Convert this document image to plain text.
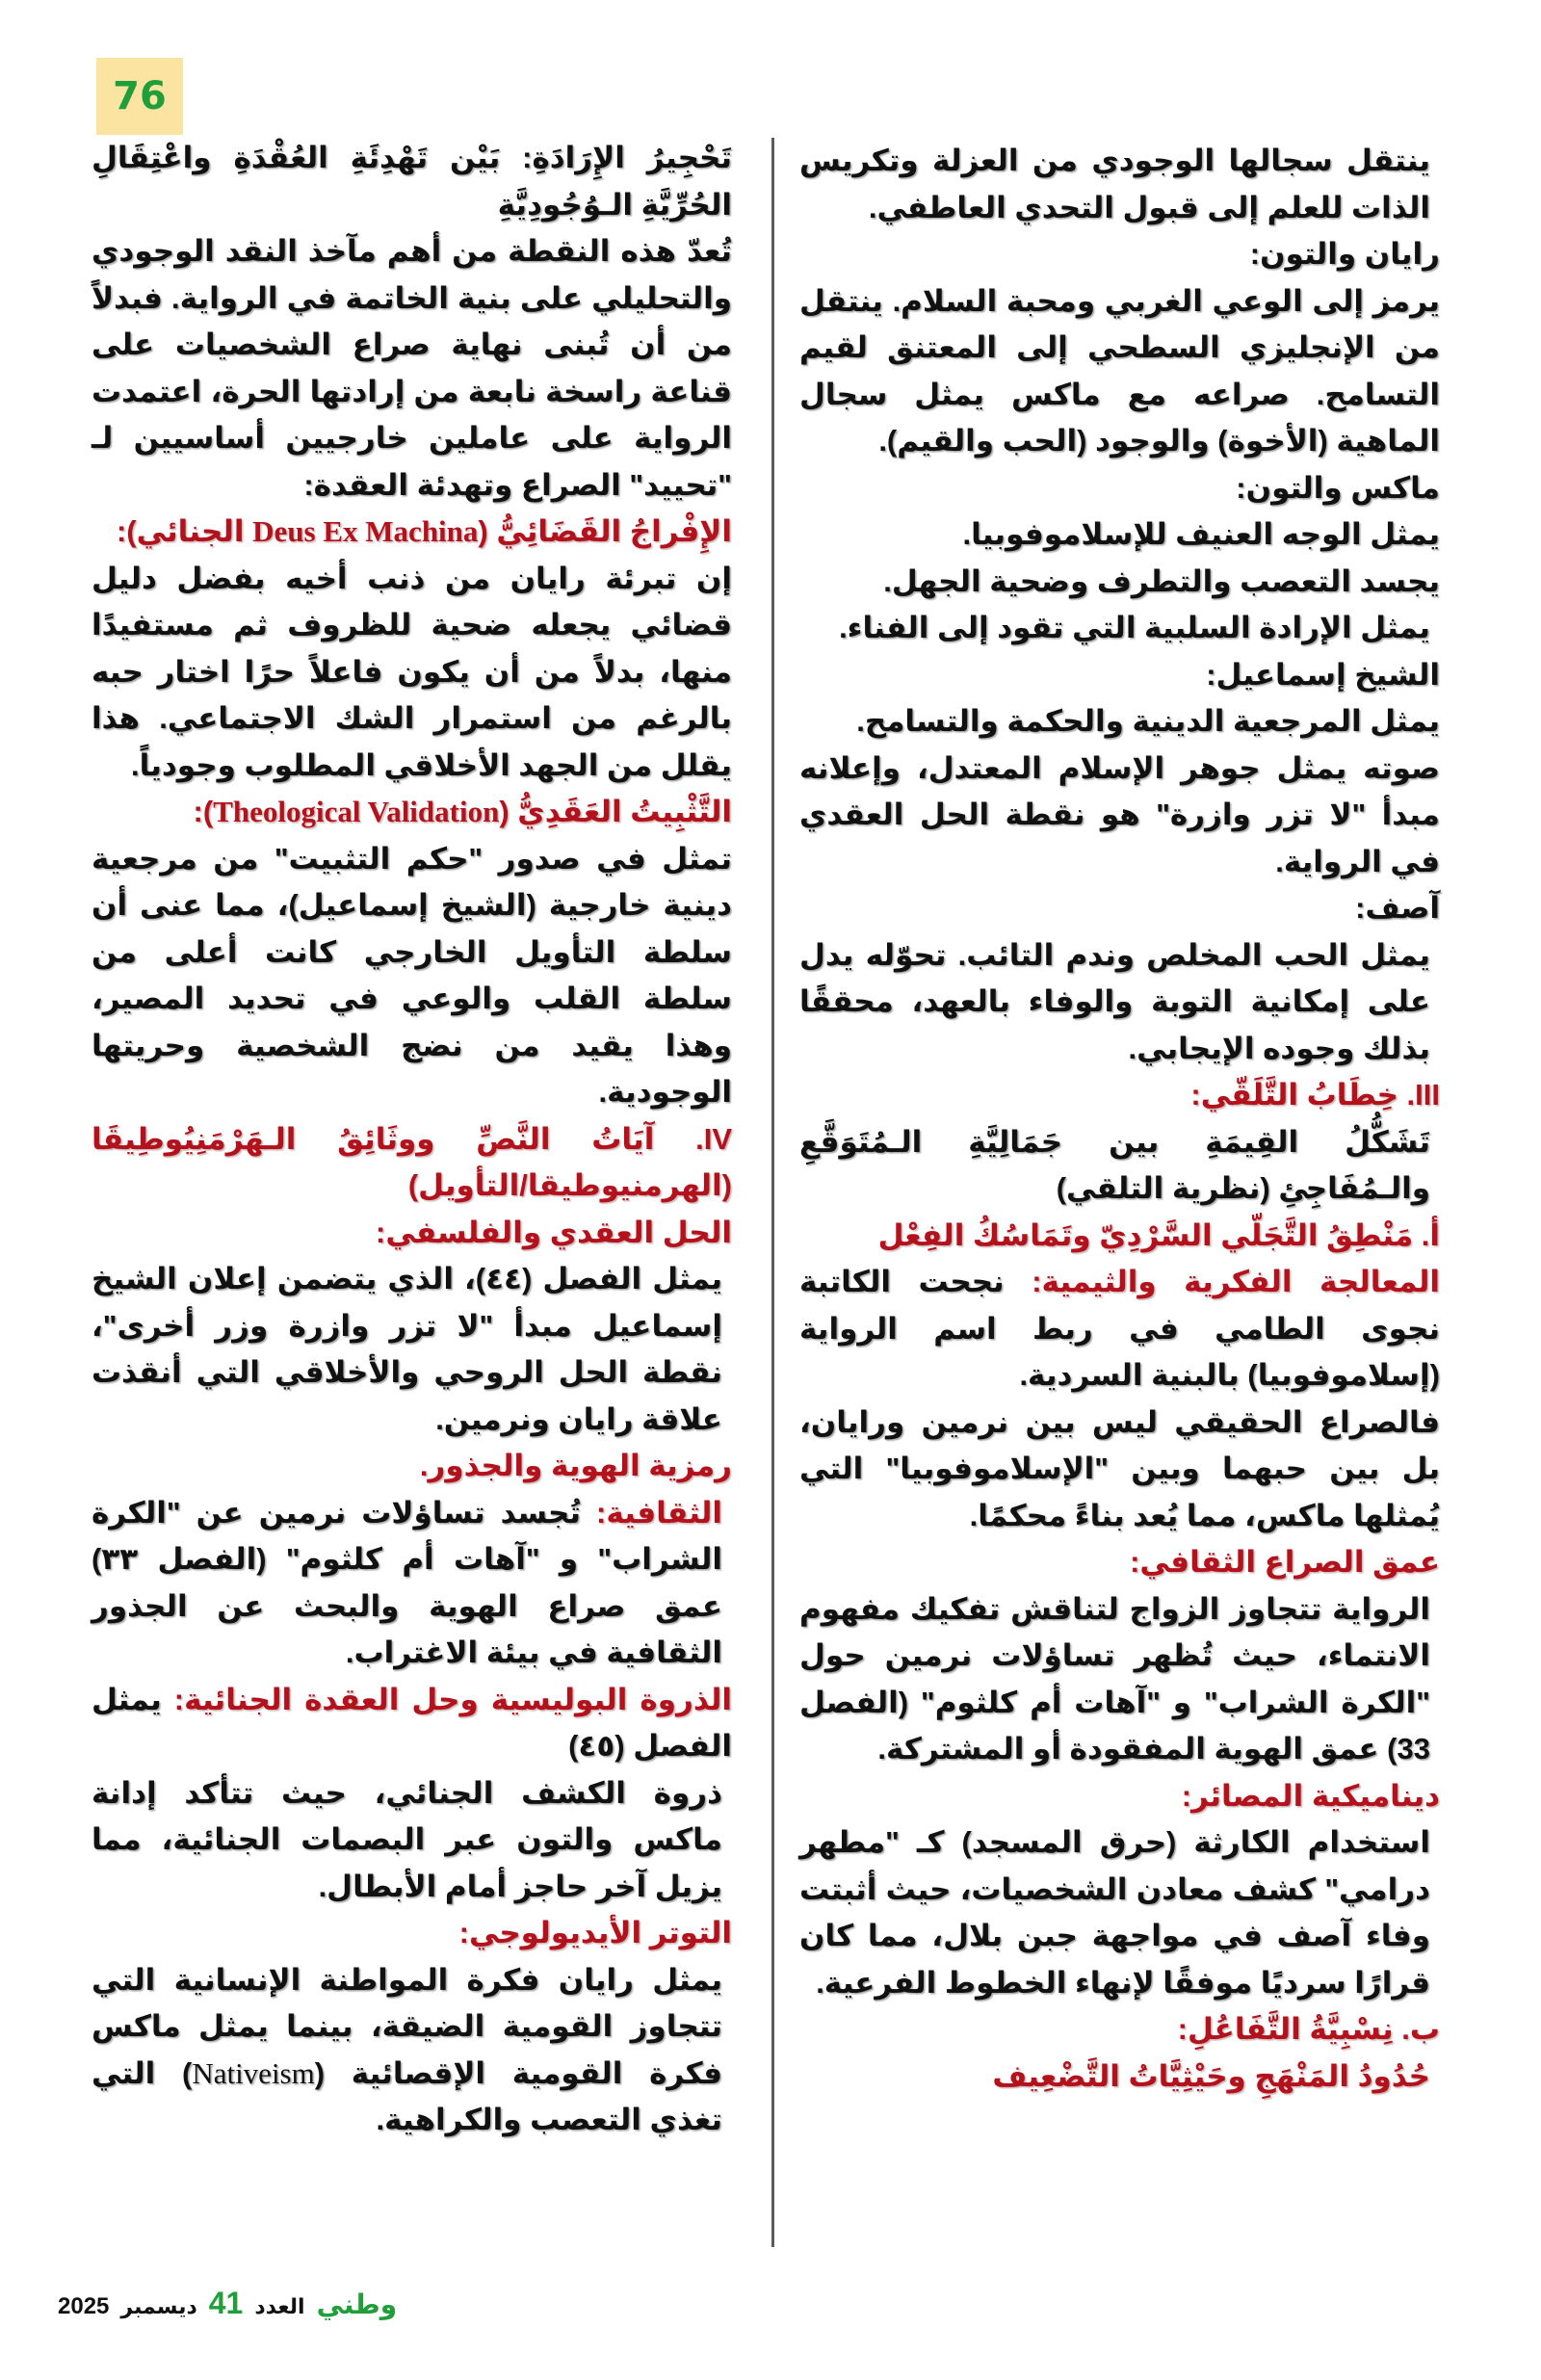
76

ينتقل سجالها الوجودي من العزلة وتكريس الذات للعلم إلى قبول التحدي العاطفي.

رايان والتون:

يرمز إلى الوعي الغربي ومحبة السلام. ينتقل من الإنجليزي السطحي إلى المعتنق لقيم التسامح. صراعه مع ماكس يمثل سجال الماهية (الأخوة) والوجود (الحب والقيم).

ماكس والتون:

يمثل الوجه العنيف للإسلاموفوبيا.

يجسد التعصب والتطرف وضحية الجهل.

يمثل الإرادة السلبية التي تقود إلى الفناء.

الشيخ إسماعيل:

يمثل المرجعية الدينية والحكمة والتسامح.

صوته يمثل جوهر الإسلام المعتدل، وإعلانه مبدأ "لا تزر وازرة" هو نقطة الحل العقدي في الرواية.

آصف:

يمثل الحب المخلص وندم التائب. تحوّله يدل على إمكانية التوبة والوفاء بالعهد، محققًا بذلك وجوده الإيجابي.

III. خِطَابُ التَّلَقّي:

تَشَكُّلُ القِيمَةِ بين جَمَالِيَّةِ الـمُتَوَقَّعِ والـمُفَاجِئِ (نظرية التلقي)

أ. مَنْطِقُ التَّجَلّي السَّرْدِيّ وتَمَاسُكُ الفِعْل

المعالجة الفكرية والثيمية: نجحت الكاتبة نجوى الطامي في ربط اسم الرواية (إسلاموفوبيا) بالبنية السردية.

فالصراع الحقيقي ليس بين نرمين ورايان، بل بين حبهما وبين "الإسلاموفوبيا" التي يُمثلها ماكس، مما يُعد بناءً محكمًا.

عمق الصراع الثقافي:

الرواية تتجاوز الزواج لتناقش تفكيك مفهوم الانتماء، حيث تُظهر تساؤلات نرمين حول "الكرة الشراب" و "آهات أم كلثوم" (الفصل 33) عمق الهوية المفقودة أو المشتركة.

ديناميكية المصائر:

استخدام الكارثة (حرق المسجد) كـ "مطهر درامي" كشف معادن الشخصيات، حيث أثبتت وفاء آصف في مواجهة جبن بلال، مما كان قرارًا سرديًا موفقًا لإنهاء الخطوط الفرعية.

ب. نِسْبِيَّةُ التَّفَاعُلِ:

حُدُودُ المَنْهَجِ وحَيْثِيَّاتُ التَّضْعِيف

تَحْجِيرُ الإِرَادَةِ: بَيْن تَهْدِئَةِ العُقْدَةِ واعْتِقَالِ الحُرِّيَّةِ الـوُجُودِيَّةِ

تُعدّ هذه النقطة من أهم مآخذ النقد الوجودي والتحليلي على بنية الخاتمة في الرواية. فبدلاً من أن تُبنى نهاية صراع الشخصيات على قناعة راسخة نابعة من إرادتها الحرة، اعتمدت الرواية على عاملين خارجيين أساسيين لـ "تحييد" الصراع وتهدئة العقدة:

الإِفْراجُ القَضَائِيُّ (Deus Ex Machina الجنائي):

إن تبرئة رايان من ذنب أخيه بفضل دليل قضائي يجعله ضحية للظروف ثم مستفيدًا منها، بدلاً من أن يكون فاعلاً حرًا اختار حبه بالرغم من استمرار الشك الاجتماعي. هذا يقلل من الجهد الأخلاقي المطلوب وجودياً.

التَّثْبِيتُ العَقَدِيُّ (Theological Validation):

تمثل في صدور "حكم التثبيت" من مرجعية دينية خارجية (الشيخ إسماعيل)، مما عنى أن سلطة التأويل الخارجي كانت أعلى من سلطة القلب والوعي في تحديد المصير، وهذا يقيد من نضج الشخصية وحريتها الوجودية.

IV. آيَاتُ النَّصِّ ووثَائِقُ الـهَرْمَنِيُوطِيقَا (الهرمنيوطيقا/التأويل)

الحل العقدي والفلسفي:

يمثل الفصل (٤٤)، الذي يتضمن إعلان الشيخ إسماعيل مبدأ "لا تزر وازرة وزر أخرى"، نقطة الحل الروحي والأخلاقي التي أنقذت علاقة رايان ونرمين.

رمزية الهوية والجذور.

الثقافية: تُجسد تساؤلات نرمين عن "الكرة الشراب" و "آهات أم كلثوم" (الفصل ٣٣) عمق صراع الهوية والبحث عن الجذور الثقافية في بيئة الاغتراب.

الذروة البوليسية وحل العقدة الجنائية: يمثل الفصل (٤٥)

ذروة الكشف الجنائي، حيث تتأكد إدانة ماكس والتون عبر البصمات الجنائية، مما يزيل آخر حاجز أمام الأبطال.

التوتر الأيديولوجي:

يمثل رايان فكرة المواطنة الإنسانية التي تتجاوز القومية الضيقة، بينما يمثل ماكس فكرة القومية الإقصائية (Nativeism) التي تغذي التعصب والكراهية.

وطني
العدد
41
ديسمبر
2025
